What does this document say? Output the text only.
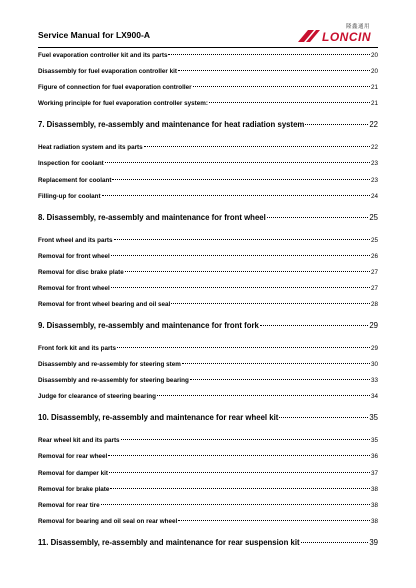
Service Manual for LX900-A
隆鑫通用
LONCIN
Fuel evaporation controller kit and its parts	20
Disassembly for fuel evaporation controller kit	20
Figure of connection for fuel evaporation controller	21
Working principle for fuel evaporation controller system:	21
7. Disassembly, re-assembly and maintenance for heat radiation system	22
Heat radiation system and its parts	22
Inspection for coolant	23
Replacement for coolant	23
Filling-up for coolant	24
8. Disassembly, re-assembly and maintenance for front wheel	25
Front wheel and its parts	25
Removal for front wheel	26
Removal for disc brake plate	27
Removal for front wheel	27
Removal for front wheel bearing and oil seal	28
9. Disassembly, re-assembly and maintenance for front fork	29
Front fork kit and its parts	29
Disassembly and re-assembly for steering stem	30
Disassembly and re-assembly for steering bearing	33
Judge for clearance of steering bearing	34
10. Disassembly, re-assembly and maintenance for rear wheel kit	35
Rear wheel kit and its parts	35
Removal for rear wheel	36
Removal for damper kit	37
Removal for brake plate	38
Removal for rear tire	38
Removal for bearing and oil seal on rear wheel	38
11. Disassembly, re-assembly and maintenance for rear suspension kit	39
